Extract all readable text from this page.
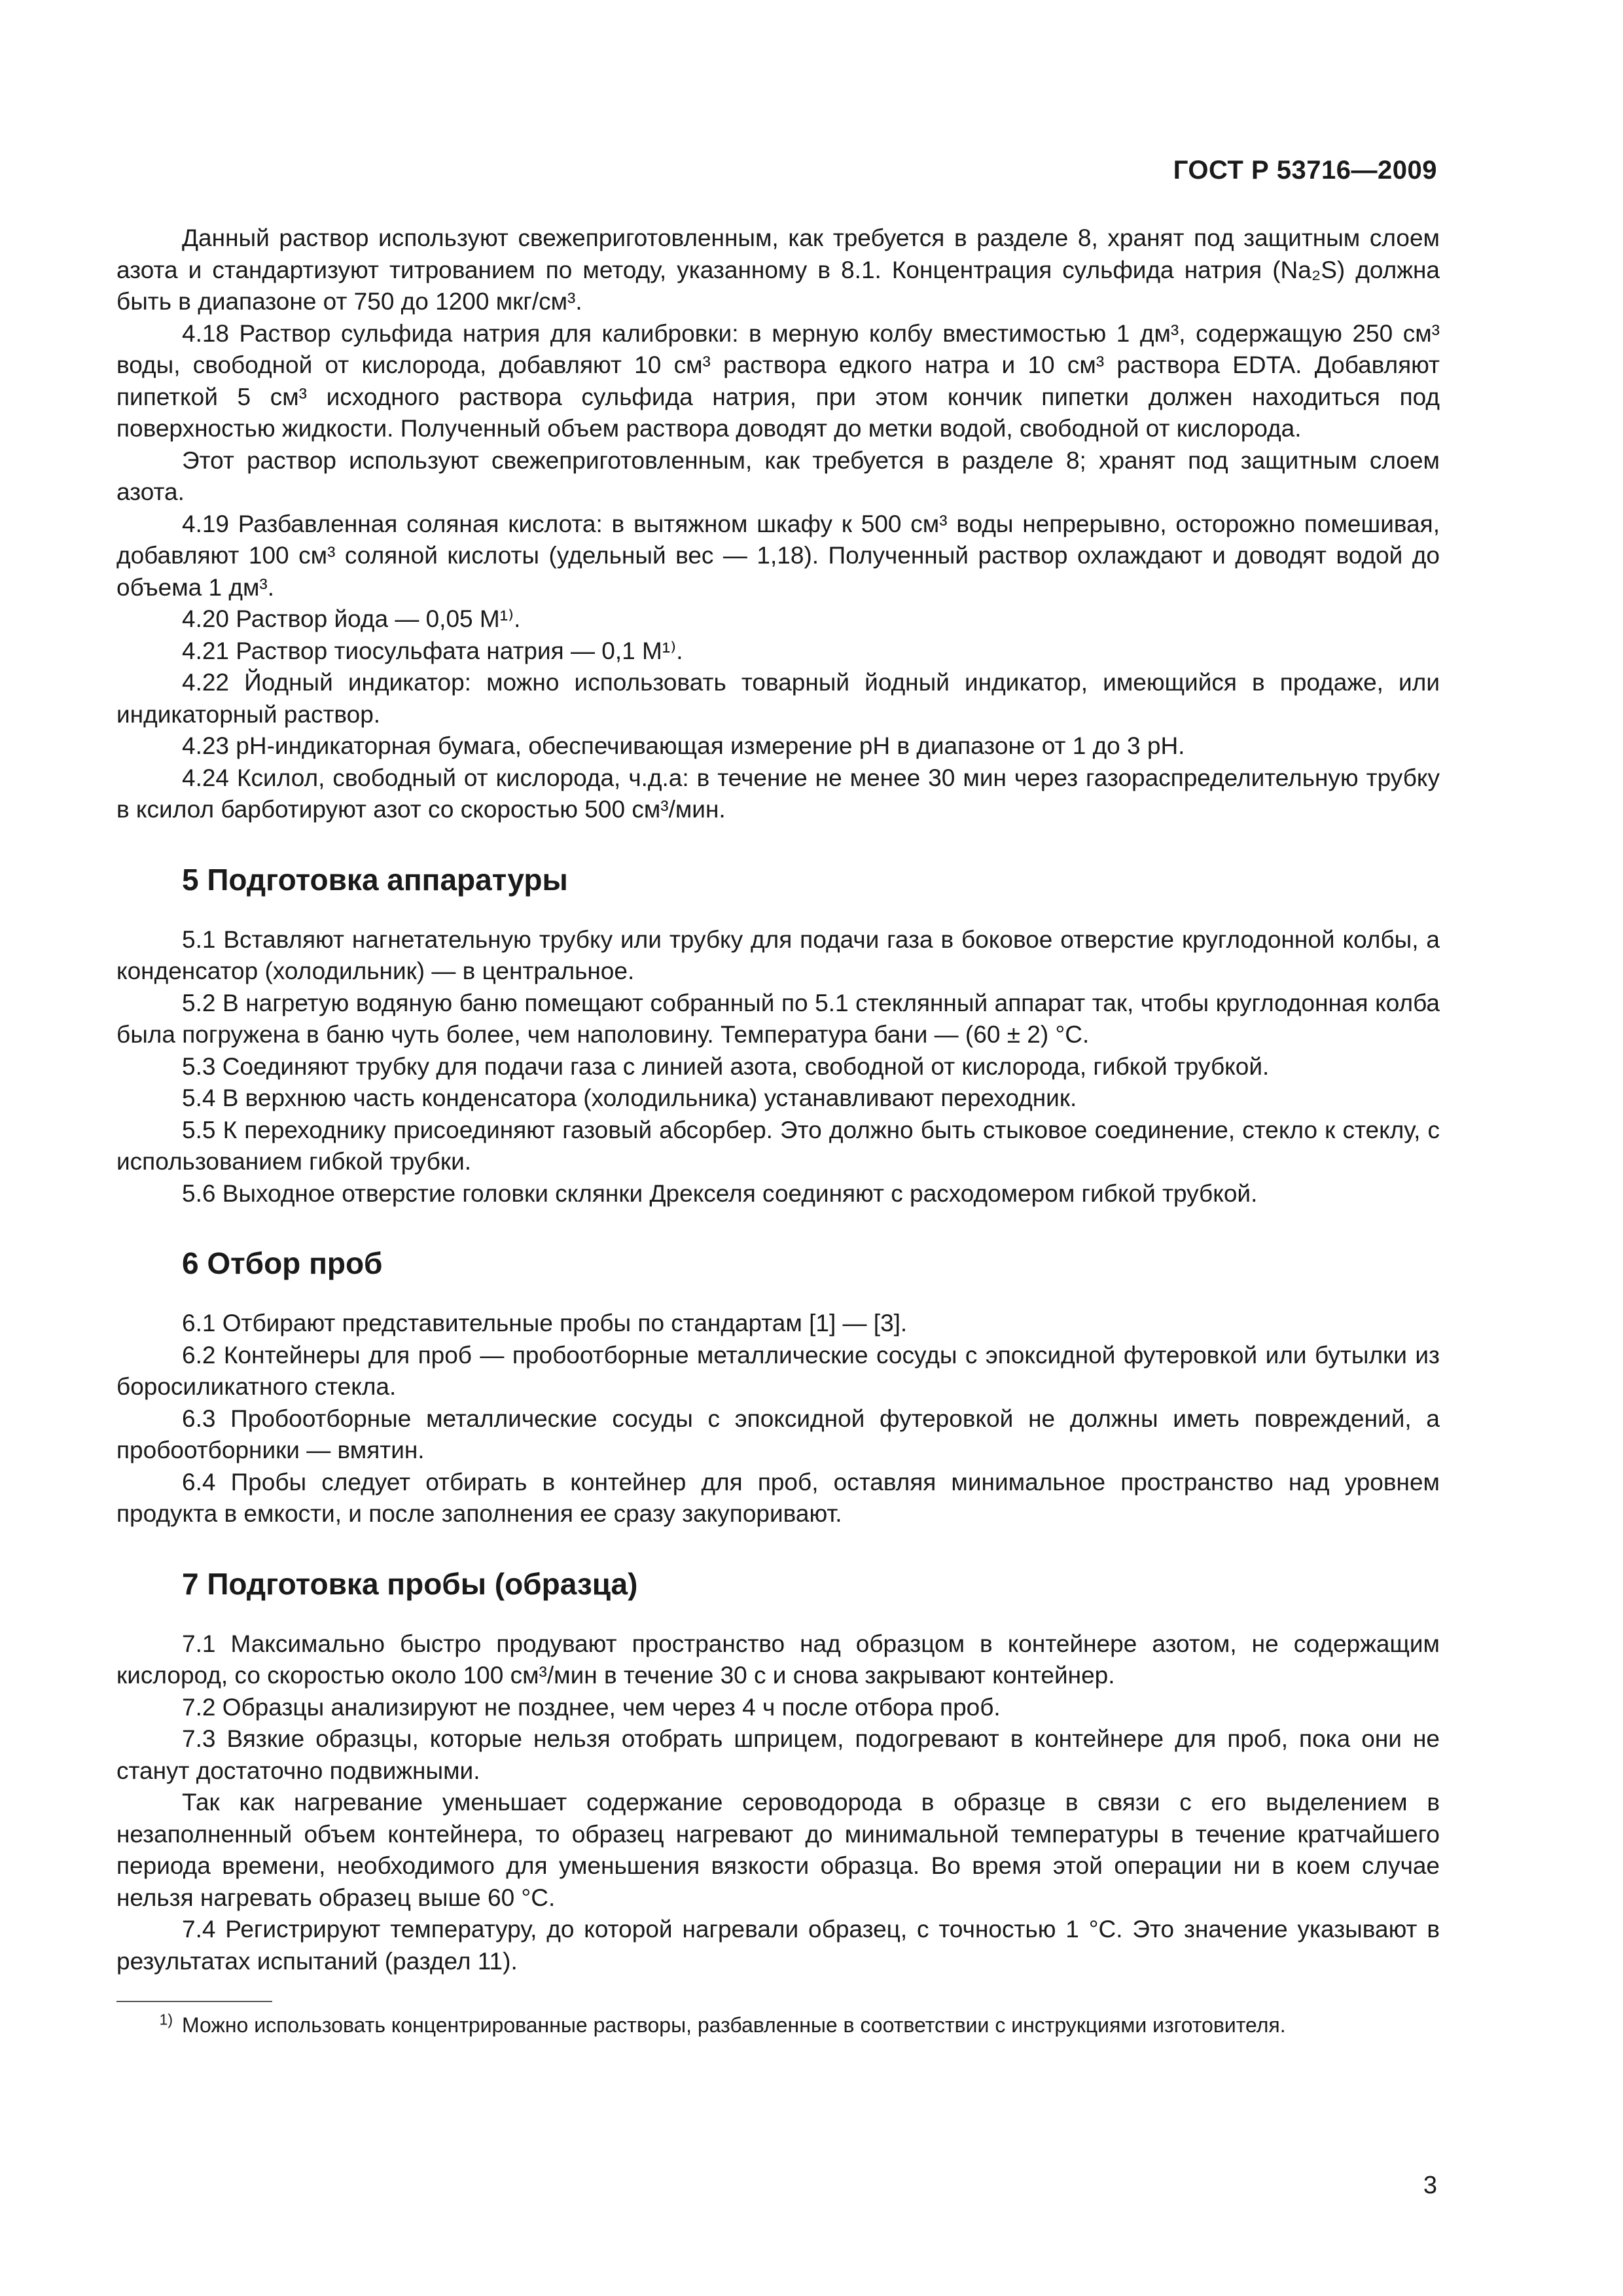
ГОСТ Р 53716—2009

Данный раствор используют свежеприготовленным, как требуется в разделе 8, хранят под защитным слоем азота и стандартизуют титрованием по методу, указанному в 8.1. Концентрация сульфида натрия (Na₂S) должна быть в диапазоне от 750 до 1200 мкг/см³.

4.18 Раствор сульфида натрия для калибровки: в мерную колбу вместимостью 1 дм³, содержащую 250 см³ воды, свободной от кислорода, добавляют 10 см³ раствора едкого натра и 10 см³ раствора EDTA. Добавляют пипеткой 5 см³ исходного раствора сульфида натрия, при этом кончик пипетки должен находиться под поверхностью жидкости. Полученный объем раствора доводят до метки водой, свободной от кислорода.

Этот раствор используют свежеприготовленным, как требуется в разделе 8; хранят под защитным слоем азота.

4.19 Разбавленная соляная кислота: в вытяжном шкафу к 500 см³ воды непрерывно, осторожно помешивая, добавляют 100 см³ соляной кислоты (удельный вес — 1,18). Полученный раствор охлаждают и доводят водой до объема 1 дм³.

4.20 Раствор йода — 0,05 М¹⁾.

4.21 Раствор тиосульфата натрия — 0,1 М¹⁾.

4.22 Йодный индикатор: можно использовать товарный йодный индикатор, имеющийся в продаже, или индикаторный раствор.

4.23 pH-индикаторная бумага, обеспечивающая измерение pH в диапазоне от 1 до 3 pH.

4.24 Ксилол, свободный от кислорода, ч.д.а: в течение не менее 30 мин через газораспределительную трубку в ксилол барботируют азот со скоростью 500 см³/мин.

5 Подготовка аппаратуры

5.1 Вставляют нагнетательную трубку или трубку для подачи газа в боковое отверстие круглодонной колбы, а конденсатор (холодильник) — в центральное.

5.2 В нагретую водяную баню помещают собранный по 5.1 стеклянный аппарат так, чтобы круглодонная колба была погружена в баню чуть более, чем наполовину. Температура бани — (60 ± 2) °С.

5.3 Соединяют трубку для подачи газа с линией азота, свободной от кислорода, гибкой трубкой.

5.4 В верхнюю часть конденсатора (холодильника) устанавливают переходник.

5.5 К переходнику присоединяют газовый абсорбер. Это должно быть стыковое соединение, стекло к стеклу, с использованием гибкой трубки.

5.6 Выходное отверстие головки склянки Дрекселя соединяют с расходомером гибкой трубкой.

6 Отбор проб

6.1 Отбирают представительные пробы по стандартам [1] — [3].

6.2 Контейнеры для проб — пробоотборные металлические сосуды с эпоксидной футеровкой или бутылки из боросиликатного стекла.

6.3 Пробоотборные металлические сосуды с эпоксидной футеровкой не должны иметь повреждений, а пробоотборники — вмятин.

6.4 Пробы следует отбирать в контейнер для проб, оставляя минимальное пространство над уровнем продукта в емкости, и после заполнения ее сразу закупоривают.

7 Подготовка пробы (образца)

7.1 Максимально быстро продувают пространство над образцом в контейнере азотом, не содержащим кислород, со скоростью около 100 см³/мин в течение 30 с и снова закрывают контейнер.

7.2 Образцы анализируют не позднее, чем через 4 ч после отбора проб.

7.3 Вязкие образцы, которые нельзя отобрать шприцем, подогревают в контейнере для проб, пока они не станут достаточно подвижными.

Так как нагревание уменьшает содержание сероводорода в образце в связи с его выделением в незаполненный объем контейнера, то образец нагревают до минимальной температуры в течение кратчайшего периода времени, необходимого для уменьшения вязкости образца. Во время этой операции ни в коем случае нельзя нагревать образец выше 60 °С.

7.4 Регистрируют температуру, до которой нагревали образец, с точностью 1 °С. Это значение указывают в результатах испытаний (раздел 11).

$^{1)}$ Можно использовать концентрированные растворы, разбавленные в соответствии с инструкциями изготовителя.
3
